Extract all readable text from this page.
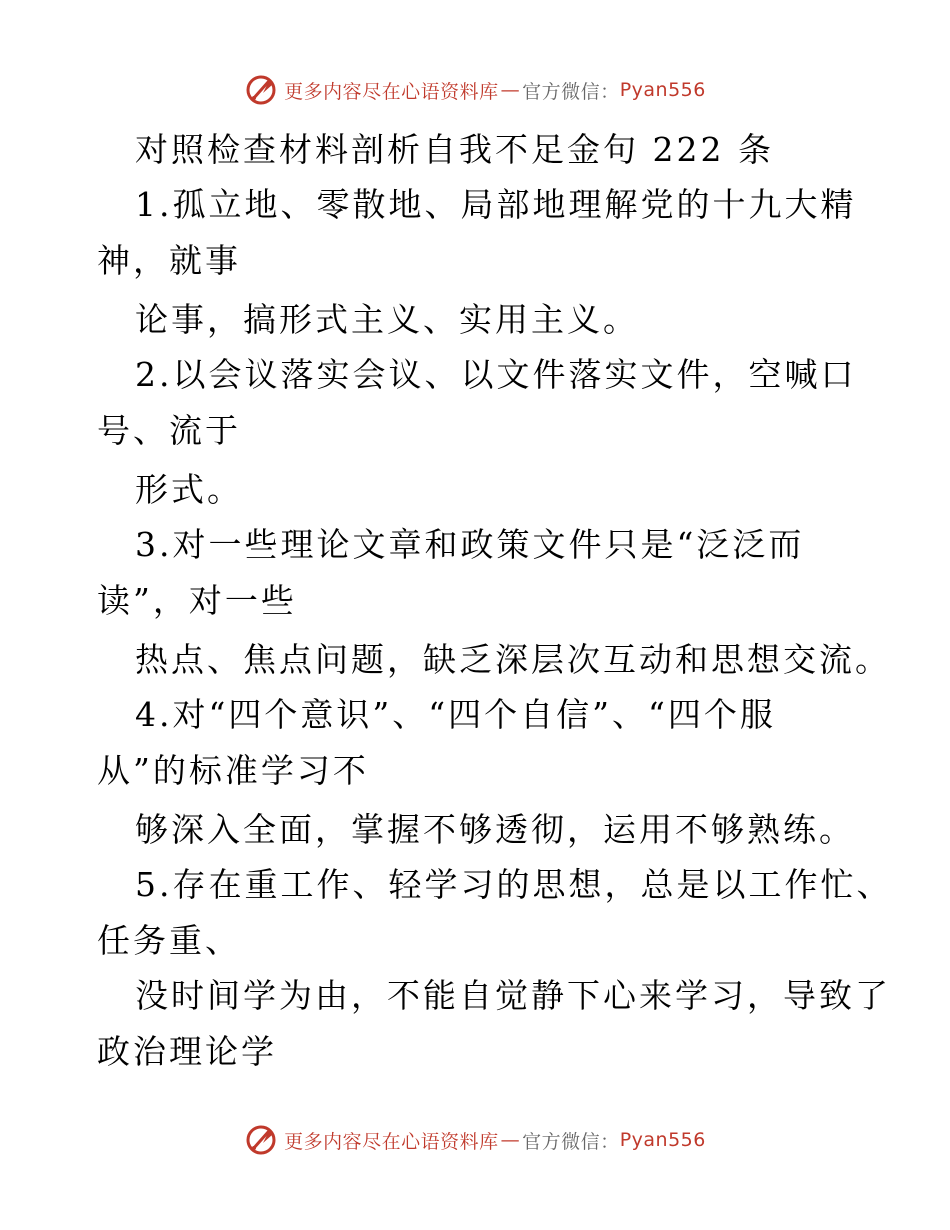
更多内容尽在心语资料库 — 官方微信： Pyan556
对照检查材料剖析自我不足金句 222 条
1.孤立地、零散地、局部地理解党的十九大精
神，就事
论事，搞形式主义、实用主义。
2.以会议落实会议、以文件落实文件，空喊口
号、流于
形式。
3.对一些理论文章和政策文件只是“泛泛而
读”，对一些
热点、焦点问题，缺乏深层次互动和思想交流。
4.对“四个意识”、“四个自信”、“四个服
从”的标准学习不
够深入全面，掌握不够透彻，运用不够熟练。
5.存在重工作、轻学习的思想，总是以工作忙、
任务重、
没时间学为由，不能自觉静下心来学习，导致了
政治理论学
更多内容尽在心语资料库 — 官方微信： Pyan556
